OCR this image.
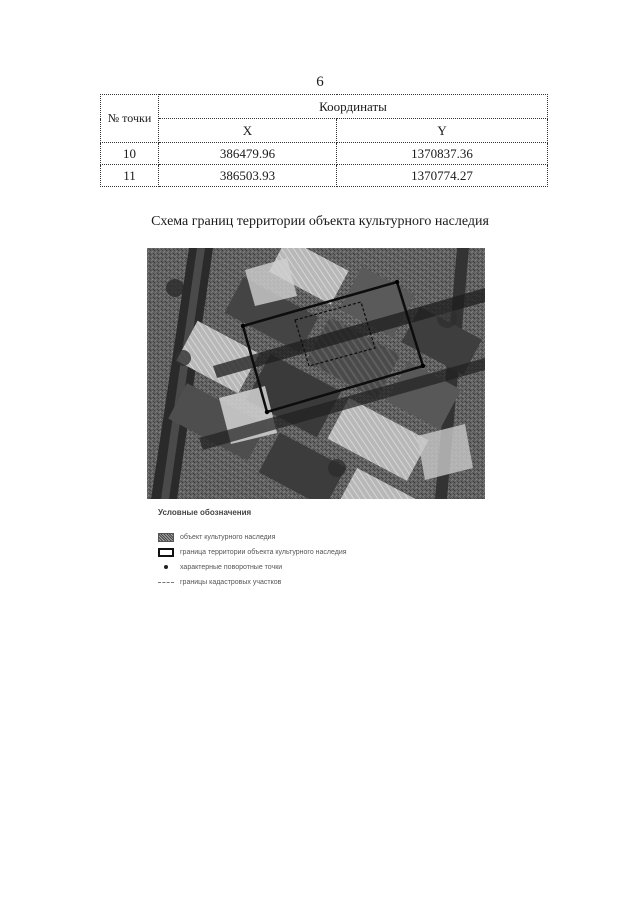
6
№ точки	Координаты	
	X	Y
10	386479.96	1370837.36
11	386503.93	1370774.27
Схема границ территории объекта культурного наследия
Условные обозначения
объект культурного наследия
граница территории объекта культурного наследия
характерные поворотные точки
границы кадастровых участков
